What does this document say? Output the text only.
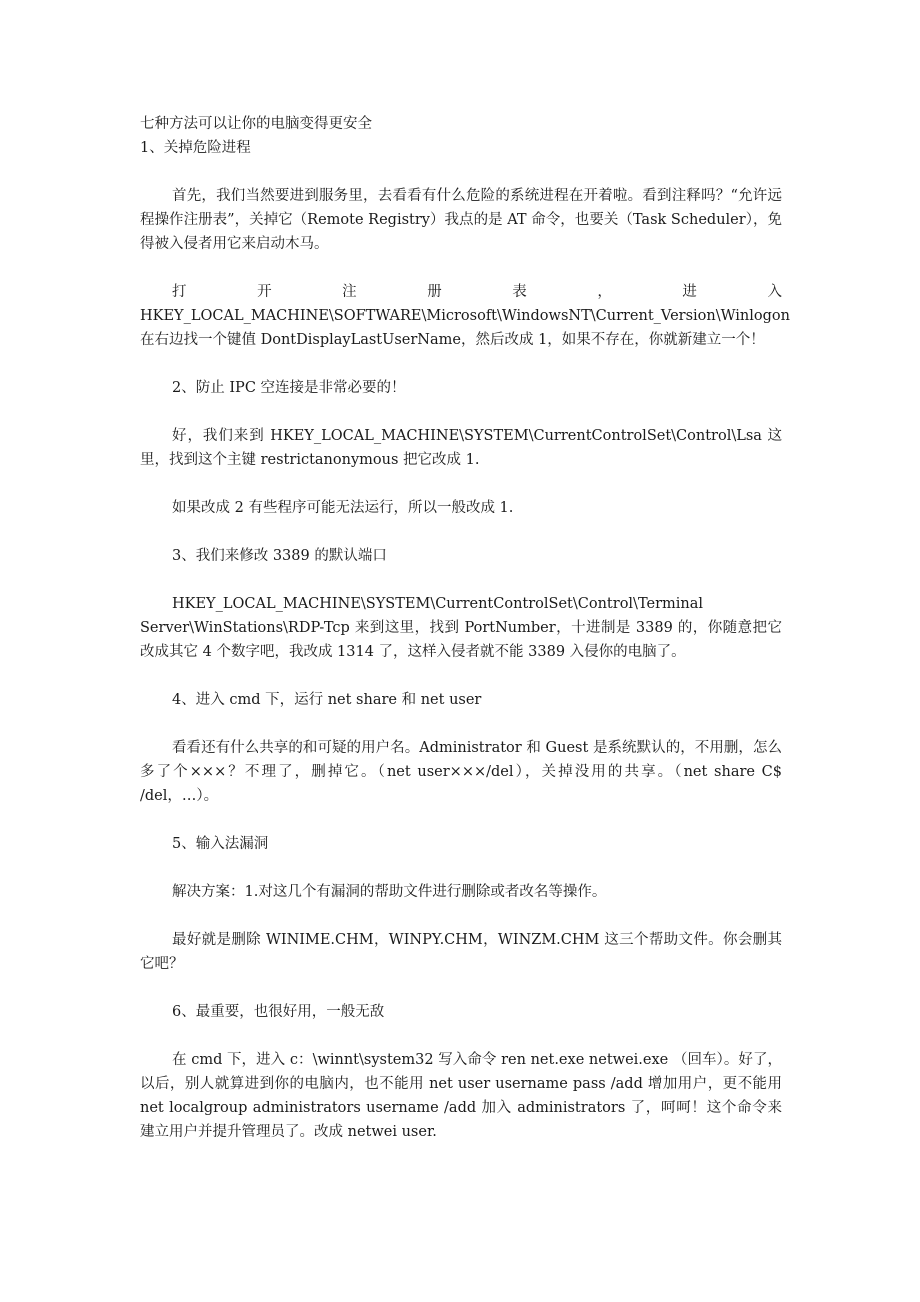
七种方法可以让你的电脑变得更安全

1、关掉危险进程

首先，我们当然要进到服务里，去看看有什么危险的系统进程在开着啦。看到注释吗？“允许远程操作注册表”，关掉它（Remote Registry）我点的是 AT 命令，也要关（Task Scheduler），免得被入侵者用它来启动木马。

打	开	注	册	表	，	进	入

HKEY_LOCAL_MACHINE\SOFTWARE\Microsoft\WindowsNT\Current_Version\Winlogon

在右边找一个键值 DontDisplayLastUserName，然后改成 1，如果不存在，你就新建立一个！

2、防止 IPC 空连接是非常必要的！

好，我们来到 HKEY_LOCAL_MACHINE\SYSTEM\CurrentControlSet\Control\Lsa 这里，找到这个主键 restrictanonymous 把它改成 1.

如果改成 2 有些程序可能无法运行，所以一般改成 1.

3、我们来修改 3389 的默认端口

HKEY_LOCAL_MACHINE\SYSTEM\CurrentControlSet\Control\Terminal

Server\WinStations\RDP-Tcp 来到这里，找到 PortNumber，十进制是 3389 的，你随意把它改成其它 4 个数字吧，我改成 1314 了，这样入侵者就不能 3389 入侵你的电脑了。

4、进入 cmd 下，运行 net share 和 net user

看看还有什么共享的和可疑的用户名。Administrator 和 Guest 是系统默认的，不用删，怎么多了个×××？不理了，删掉它。（net user×××/del），关掉没用的共享。（net share C$ /del，…）。

5、输入法漏洞

解决方案：1.对这几个有漏洞的帮助文件进行删除或者改名等操作。

最好就是删除 WINIME.CHM，WINPY.CHM，WINZM.CHM 这三个帮助文件。你会删其它吧？

6、最重要，也很好用，一般无敌

在 cmd 下，进入 c：\winnt\system32 写入命令 ren net.exe netwei.exe （回车）。好了，以后，别人就算进到你的电脑内，也不能用 net user username pass /add 增加用户，更不能用 net localgroup administrators username /add 加入 administrators 了，呵呵！这个命令来建立用户并提升管理员了。改成 netwei user.
